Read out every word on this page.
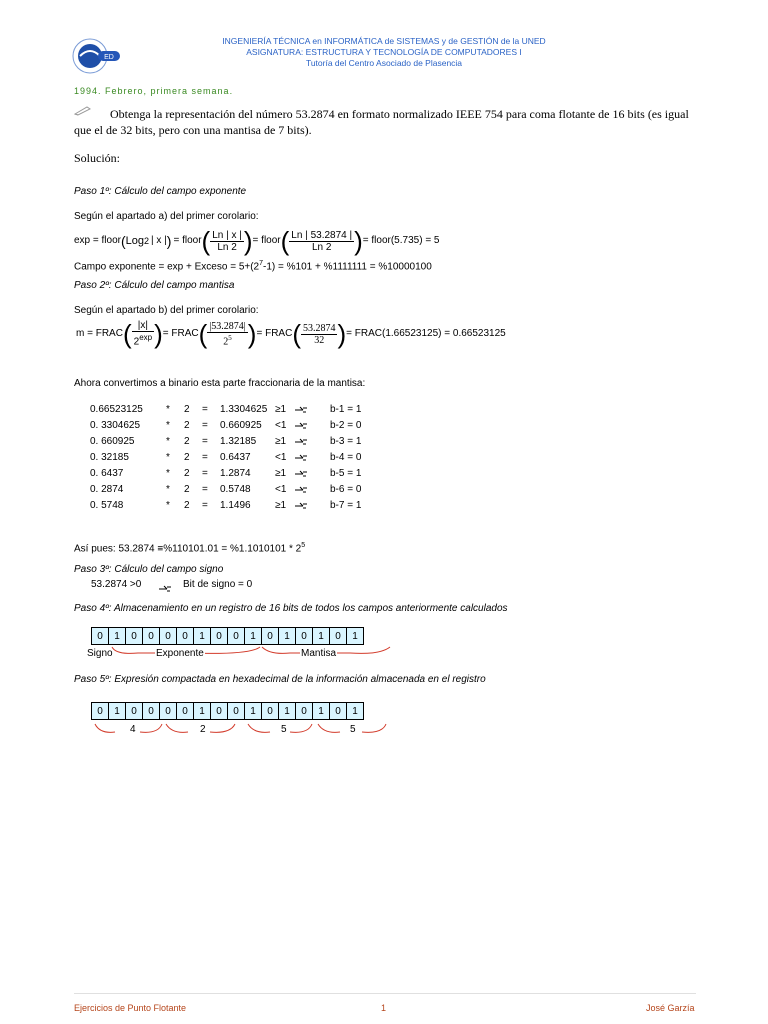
ED
INGENIERÍA TÉCNICA en INFORMÁTICA de SISTEMAS y de GESTIÓN de la UNED
ASIGNATURA: ESTRUCTURA Y TECNOLOGÍA DE COMPUTADORES I
Tutoría del Centro Asociado de Plasencia
1994. Febrero, primera semana.
Obtenga la representación del número 53.2874 en formato normalizado IEEE 754 para coma flotante de 16 bits (es igual que el de 32 bits, pero con una mantisa de 7 bits).
Solución:
Paso 1º: Cálculo del campo exponente
Según el apartado a) del primer corolario:
exp = floor ( Log 2 | x | ) = floor ( $\frac{Ln | x |}{Ln 2}$ ) = floor ( $\frac{Ln | 53.2874 |}{Ln 2}$ ) = floor(5.735) = 5
Campo exponente = exp + Exceso = $5+(2^7-1) = \%101 + \%1111111 = \%10000100$
Paso 2º: Cálculo del campo mantisa
Según el apartado b) del primer corolario:
m = FRAC ( $\frac{|x|}{2^{exp}}$ ) = FRAC ( $\frac{|53.2874|}{2^5}$ ) = FRAC ( $\frac{53.2874}{32}$ ) = FRAC(1.66523125) = 0.66523125
Ahora convertimos a binario esta parte fraccionaria de la mantisa:
0.66523125 * 2 = 1.3304625 ≥1	b-1 = 1
0. 3304625	* 2 = 0.660925 <1	b-2 = 0
0. 660925	* 2 = 1.32185 ≥1	b-3 = 1
0. 32185	* 2 = 0.6437 <1	b-4 = 0
0. 6437	* 2 = 1.2874 ≥1	b-5 = 1
0. 2874	* 2 = 0.5748 <1	b-6 = 0
0. 5748	* 2 = 1.1496 ≥1	b-7 = 1
Así pues: $53.2874 \equiv\%110101.01 = \%1.1010101 * 2^5$
Paso 3º: Cálculo del campo signo
53.2874 >0	Bit de signo = 0
Paso 4º: Almacenamiento en un registro de 16 bits de todos los campos anteriormente calculados
0	1	0	0	0	0	1	0	0	1	0	1	0	1	0	1
Signo	Exponente	Mantisa
Paso 5º: Expresión compactada en hexadecimal de la información almacenada en el registro
0	1	0	0	0	0	1	0	0	1	0	1	0	1	0	1
4	2	5	5
Ejercicios de Punto Flotante	1	José Garzía
